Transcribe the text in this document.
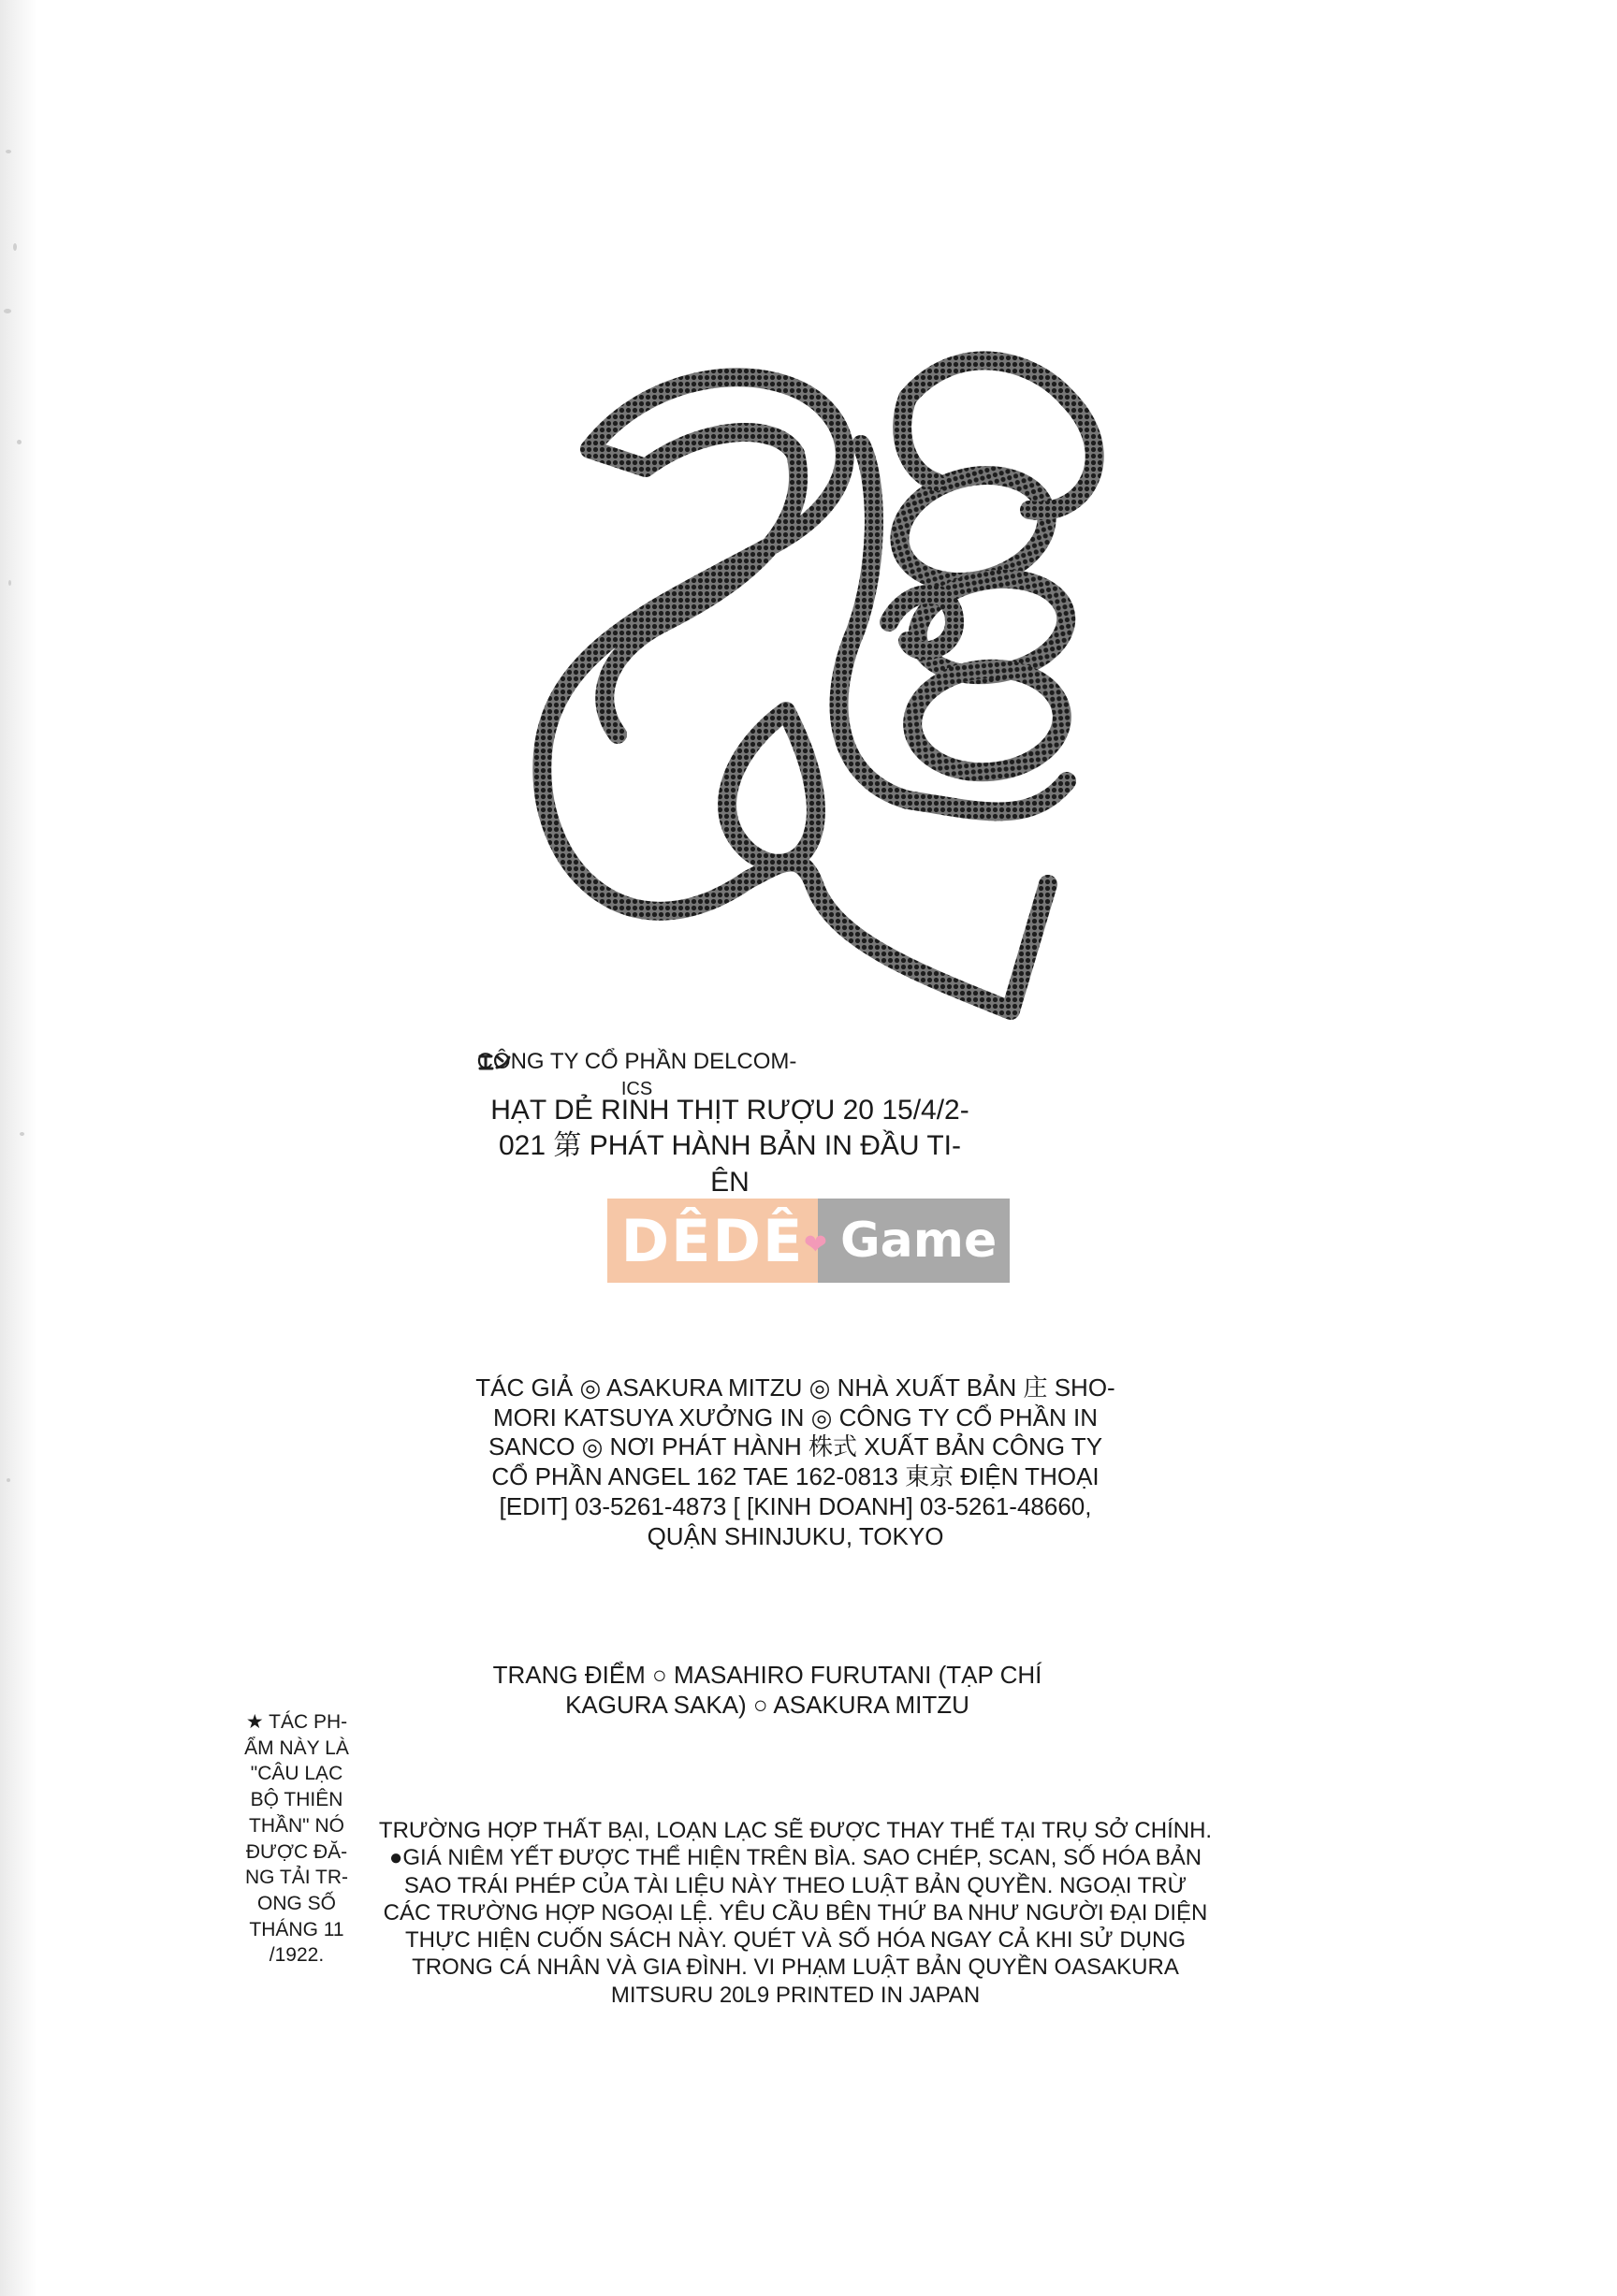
CÔNG TY CỔ PHẦN DELCOM-
ICS
HẠT DẺ RINH THỊT RƯỢU 20 15/4/2-
021 第 PHÁT HÀNH BẢN IN ĐẦU TI-
ÊN
DÊDÊ ❤ Game
TÁC GIẢ ◎ ASAKURA MITZU ◎ NHÀ XUẤT BẢN 庄 SHO-
MORI KATSUYA XƯỞNG IN ◎ CÔNG TY CỔ PHẦN IN
SANCO ◎ NƠI PHÁT HÀNH 株式 XUẤT BẢN CÔNG TY
CỔ PHẦN ANGEL 162 TAE 162-0813 東京 ĐIỆN THOẠI
[EDIT] 03-5261-4873 [ [KINH DOANH] 03-5261-48660,
QUẬN SHINJUKU, TOKYO
TRANG ĐIỂM ○ MASAHIRO FURUTANI (TẠP CHÍ
KAGURA SAKA) ○ ASAKURA MITZU
★ TÁC PH-
ẨM NÀY LÀ
"CÂU LẠC
BỘ THIÊN
THẦN" NÓ
ĐƯỢC ĐĂ-
NG TẢI TR-
ONG SỐ
THÁNG 11
/1922.
TRƯỜNG HỢP THẤT BẠI, LOẠN LẠC SẼ ĐƯỢC THAY THẾ TẠI TRỤ SỞ CHÍNH.
●GIÁ NIÊM YẾT ĐƯỢC THỂ HIỆN TRÊN BÌA. SAO CHÉP, SCAN, SỐ HÓA BẢN
SAO TRÁI PHÉP CỦA TÀI LIỆU NÀY THEO LUẬT BẢN QUYỀN. NGOẠI TRỪ
CÁC TRƯỜNG HỢP NGOẠI LỆ. YÊU CẦU BÊN THỨ BA NHƯ NGƯỜI ĐẠI DIỆN
THỰC HIỆN CUỐN SÁCH NÀY. QUÉT VÀ SỐ HÓA NGAY CẢ KHI SỬ DỤNG
TRONG CÁ NHÂN VÀ GIA ĐÌNH. VI PHẠM LUẬT BẢN QUYỀN OASAKURA
MITSURU 20L9 PRINTED IN JAPAN
